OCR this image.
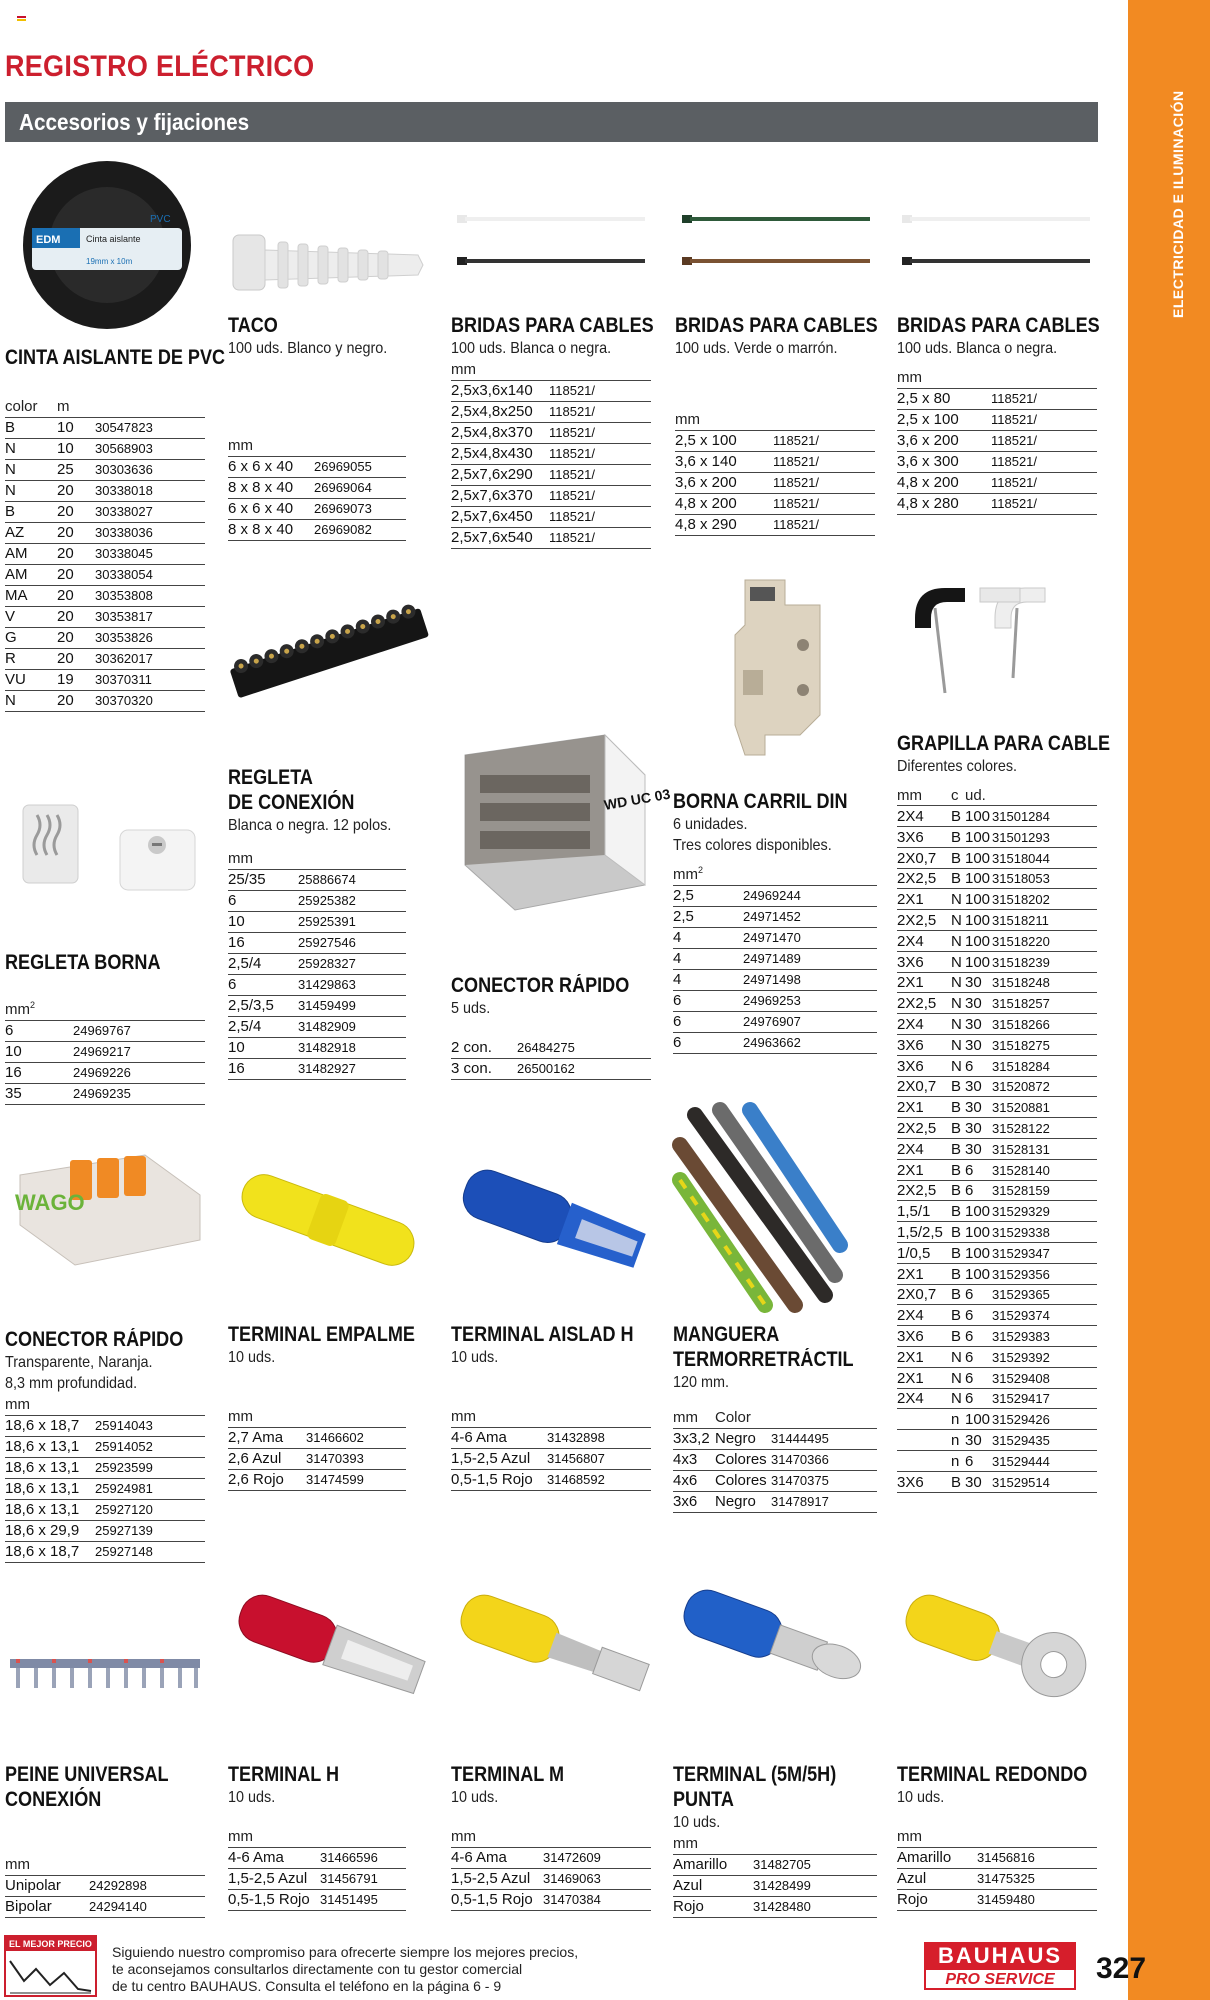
REGISTRO ELÉCTRICO
Accesorios y fijaciones	ELECTRICIDAD E ILUMINACIÓN
EDM	Cinta aislante
PVC
19mm x 10m
CINTA AISLANTE DE PVC
color	m	
B	10	30547823
N	10	30568903
N	25	30303636
N	20	30338018
B	20	30338027
AZ	20	30338036
AM	20	30338045
AM	20	30338054
MA	20	30353808
V	20	30353817
G	20	30353826
R	20	30362017
VU	19	30370311
N	20	30370320
TACO
100 uds. Blanco y negro.
mm	
6 x 6 x 40	26969055
8 x 8 x 40	26969064
6 x 6 x 40	26969073
8 x 8 x 40	26969082
BRIDAS PARA CABLES
100 uds. Blanca o negra.
mm	
2,5x3,6x140	118521/
2,5x4,8x250	118521/
2,5x4,8x370	118521/
2,5x4,8x430	118521/
2,5x7,6x290	118521/
2,5x7,6x370	118521/
2,5x7,6x450	118521/
2,5x7,6x540	118521/
BRIDAS PARA CABLES
100 uds. Verde o marrón.
mm	
2,5 x 100	118521/
3,6 x 140	118521/
3,6 x 200	118521/
4,8 x 200	118521/
4,8 x 290	118521/
BRIDAS PARA CABLES
100 uds. Blanca o negra.
mm	
2,5 x 80	118521/
2,5 x 100	118521/
3,6 x 200	118521/
3,6 x 300	118521/
4,8 x 200	118521/
4,8 x 280	118521/
REGLETA
DE CONEXIÓN
Blanca o negra. 12 polos.
mm	
25/35	25886674
6	25925382
10	25925391
16	25927546
2,5/4	25928327
6	31429863
2,5/3,5	31459499
2,5/4	31482909
10	31482918
16	31482927
REGLETA BORNA
$mm^2$	
6	24969767
10	24969217
16	24969226
35	24969235
WD UC 03
CONECTOR RÁPIDO
5 uds.
2 con.	26484275
3 con.	26500162
BORNA CARRIL DIN
6 unidades.
Tres colores disponibles.
$mm^2$	
2,5	24969244
2,5	24971452
4	24971470
4	24971489
4	24971498
6	24969253
6	24976907
6	24963662
GRAPILLA PARA CABLE
Diferentes colores.
mm	c	ud.	
2X4	B	100	31501284
3X6	B	100	31501293
2X0,7	B	100	31518044
2X2,5	B	100	31518053
2X1	N	100	31518202
2X2,5	N	100	31518211
2X4	N	100	31518220
3X6	N	100	31518239
2X1	N	30	31518248
2X2,5	N	30	31518257
2X4	N	30	31518266
3X6	N	30	31518275
3X6	N	6	31518284
2X0,7	B	30	31520872
2X1	B	30	31520881
2X2,5	B	30	31528122
2X4	B	30	31528131
2X1	B	6	31528140
2X2,5	B	6	31528159
1,5/1	B	100	31529329
1,5/2,5	B	100	31529338
1/0,5	B	100	31529347
2X1	B	100	31529356
2X0,7	B	6	31529365
2X4	B	6	31529374
3X6	B	6	31529383
2X1	N	6	31529392
2X1	N	6	31529408
2X4	N	6	31529417
	n	100	31529426
	n	30	31529435
	n	6	31529444
3X6	B	30	31529514
WAGO
CONECTOR RÁPIDO
Transparente, Naranja.
8,3 mm profundidad.
mm	
18,6 x 18,7	25914043
18,6 x 13,1	25914052
18,6 x 13,1	25923599
18,6 x 13,1	25924981
18,6 x 13,1	25927120
18,6 x 29,9	25927139
18,6 x 18,7	25927148
TERMINAL EMPALME
10 uds.
mm	
2,7 Ama	31466602
2,6 Azul	31470393
2,6 Rojo	31474599
TERMINAL AISLAD H
10 uds.
mm	
4-6 Ama	31432898
1,5-2,5 Azul	31456807
0,5-1,5 Rojo	31468592
MANGUERA
TERMORRETRÁCTIL
120 mm.
mm	Color	
3x3,2	Negro	31444495
4x3	Colores	31470366
4x6	Colores	31470375
3x6	Negro	31478917
PEINE UNIVERSAL
CONEXIÓN
mm	
Unipolar	24292898
Bipolar	24294140
TERMINAL H
10 uds.
mm	
4-6 Ama	31466596
1,5-2,5 Azul	31456791
0,5-1,5 Rojo	31451495
TERMINAL M
10 uds.
mm	
4-6 Ama	31472609
1,5-2,5 Azul	31469063
0,5-1,5 Rojo	31470384
TERMINAL (5M/5H)
PUNTA
10 uds.
mm	
Amarillo	31482705
Azul	31428499
Rojo	31428480
TERMINAL REDONDO
10 uds.
mm	
Amarillo	31456816
Azul	31475325
Rojo	31459480
EL MEJOR PRECIO Siguiendo nuestro compromiso para ofrecerte siempre los mejores precios,
te aconsejamos consultarlos directamente con tu gestor comercial
de tu centro BAUHAUS. Consulta el teléfono en la página 6 - 9
BAUHAUS
PRO SERVICE	327
